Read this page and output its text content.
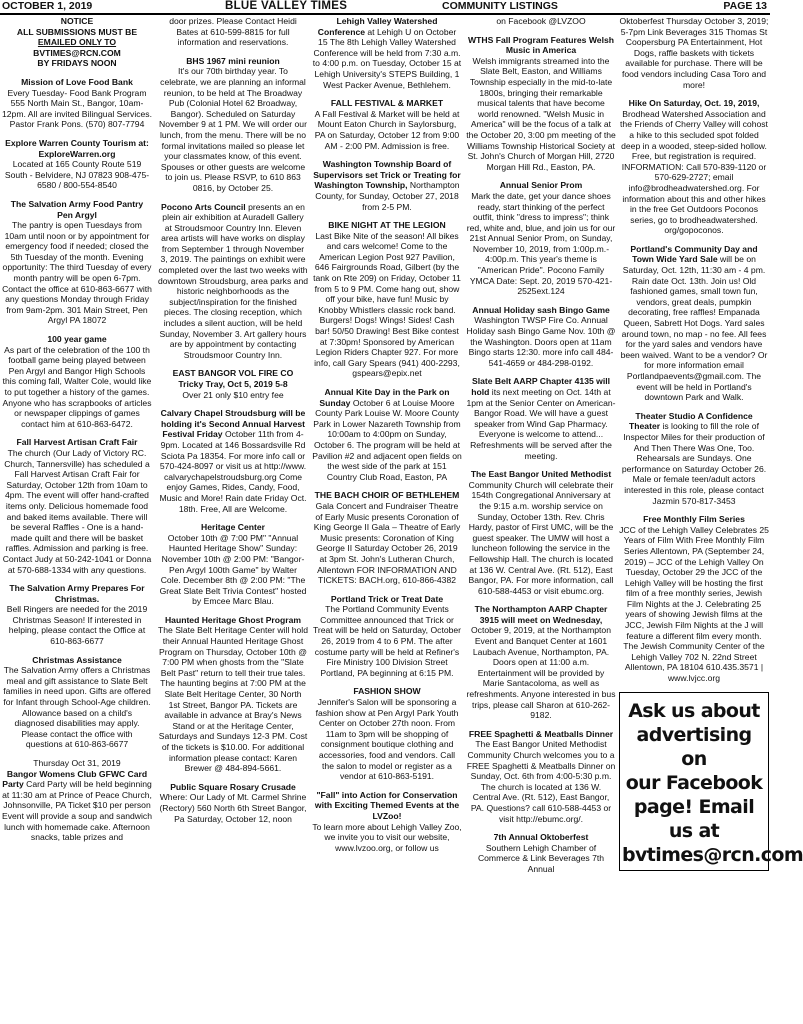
OCTOBER 1, 2019	BLUE VALLEY TIMES	COMMUNITY LISTINGS	PAGE 13

NOTICE

ALL SUBMISSIONS MUST BE

EMAILED ONLY TO

BVTIMES@RCN.COM

BY FRIDAYS NOON

Mission of Love Food Bank

Every Tuesday- Food Bank Program 555 North Main St., Bangor, 10am-12pm. All are invited Bilingual Services. Pastor Frank Pons. (570) 807-7794

Explore Warren County Tourism at: ExploreWarren.org

Located at 165 County Route 519 South - Belvidere, NJ 07823 908-475-6580 / 800-554-8540

The Salvation Army Food Pantry Pen Argyl

The pantry is open Tuesdays from 10am until noon or by appointment for emergency food if needed; closed the 5th Tuesday of the month. Evening opportunity: The third Tuesday of every month pantry will be open 6-7pm. Contact the office at 610-863-6677 with any questions Monday through Friday from 9am-2pm. 301 Main Street, Pen Argyl PA 18072

100 year game

As part of the celebration of the 100 th football game being played between Pen Argyl and Bangor High Schools this coming fall, Walter Cole, would like to put together a history of the games. Anyone who has scrapbooks of articles or newspaper clippings of games contact him at 610-863-6472.

Fall Harvest Artisan Craft Fair

The church (Our Lady of Victory RC. Church, Tannersville) has scheduled a Fall Harvest Artisan Craft Fair for Saturday, October 12th from 10am to 4pm. The event will offer hand-crafted items only. Delicious homemade food and baked items available. There will be several Raffles - One is a hand-made quilt and there will be basket raffles. Admission and parking is free. Contact Judy at 50-242-1041 or Donna at 570-688-1334 with any questions.

The Salvation Army Prepares For Christmas.

Bell Ringers are needed for the 2019 Christmas Season! If interested in helping, please contact the Office at 610-863-6677

Christmas Assistance

The Salvation Army offers a Christmas meal and gift assistance to Slate Belt families in need upon. Gifts are offered for Infant through School-Age children. Allowance based on a child's diagnosed disabilities may apply. Please contact the office with questions at 610-863-6677

Thursday Oct 31, 2019

Bangor Womens Club GFWC Card Party Card Party will be held beginning at 11:30 am at Prince of Peace Church, Johnsonville, PA Ticket $10 per person Event will provide a soup and sandwich lunch with homemade cake. Afternoon snacks, table prizes and

door prizes. Please Contact Heidi Bates at 610-599-8815 for full information and reservations.

BHS 1967 mini reunion

It's our 70th birthday year. To celebrate, we are planning an informal reunion, to be held at The Broadway Pub (Colonial Hotel 62 Broadway, Bangor). Scheduled on Saturday November 9 at 1 PM. We will order our lunch, from the menu. There will be no formal invitations mailed so please let your classmates know, of this event. Spouses or other guests are welcome to join us. Please RSVP, to 610 863 0816, by October 25.

Pocono Arts Council presents an en plein air exhibition at Auradell Gallery at Stroudsmoor Country Inn. Eleven area artists will have works on display from September 1 through November 3, 2019. The paintings on exhibit were completed over the last two weeks with downtown Stroudsburg, area parks and historic neighborhoods as the subject/inspiration for the finished pieces. The closing reception, which includes a silent auction, will be held Sunday, November 3. Art gallery hours are by appointment by contacting Stroudsmoor Country Inn.

EAST BANGOR VOL FIRE CO

Tricky Tray, Oct 5, 2019 5-8

Over 21 only $10 entry fee

Calvary Chapel Stroudsburg will be holding it's Second Annual Harvest Festival Friday October 11th from 4-9pm. Located at 146 Bossardsville Rd Sciota Pa 18354. For more info call or 570-424-8097 or visit us at http://www. calvarychapelstroudsburg.org Come enjoy Games, Rides, Candy, Food, Music and More! Rain date Friday Oct. 18th. Free, All are Welcome.

Heritage Center

October 10th @ 7:00 PM" "Annual Haunted Heritage Show" Sunday: November 10th @ 2:00 PM: "Bangor-Pen Argyl 100th Game" by Walter Cole. December 8th @ 2:00 PM: "The Great Slate Belt Trivia Contest" hosted by Emcee Marc Blau.

Haunted Heritage Ghost Program

The Slate Belt Heritage Center will hold their Annual Haunted Heritage Ghost Program on Thursday, October 10th @ 7:00 PM when ghosts from the "Slate Belt Past" return to tell their true tales. The haunting begins at 7:00 PM at the Slate Belt Heritage Center, 30 North 1st Street, Bangor PA. Tickets are available in advance at Bray's News Stand or at the Heritage Center, Saturdays and Sundays 12-3 PM. Cost of the tickets is $10.00. For additional information please contact: Karen Brewer @ 484-894-5661.

Public Square Rosary Crusade

Where: Our Lady of Mt. Carmel Shrine (Rectory) 560 North 6th Street Bangor, Pa Saturday, October 12, noon

Lehigh Valley Watershed Conference at Lehigh U on October 15 The 8th Lehigh Valley Watershed Conference will be held from 7:30 a.m. to 4:00 p.m. on Tuesday, October 15 at Lehigh University's STEPS Building, 1 West Packer Avenue, Bethlehem.

FALL FESTIVAL & MARKET

A Fall Festival & Market will be held at Mount Eaton Church in Saylorsburg, PA on Saturday, October 12 from 9:00 AM - 2:00 PM. Admission is free.

Washington Township Board of Supervisors set Trick or Treating for Washington Township, Northampton County, for Sunday, October 27, 2018 from 2-5 PM.

BIKE NIGHT AT THE LEGION

Last Bike Nite of the season! All bikes and cars welcome! Come to the American Legion Post 927 Pavilion, 646 Fairgrounds Road, Gilbert (by the tank on Rte 209) on Friday, October 11 from 5 to 9 PM. Come hang out, show off your bike, have fun! Music by Knobby Whistlers classic rock band. Burgers! Dogs! Wings! Sides! Cash bar! 50/50 Drawing! Best Bike contest at 7:30pm! Sponsored by American Legion Riders Chapter 927. For more info, call Gary Spears (941) 400-2293, gspears@epix.net

Annual Kite Day in the Park on Sunday October 6 at Louise Moore County Park Louise W. Moore County Park in Lower Nazareth Township from 10:00am to 4:00pm on Sunday, October 6. The program will be held at Pavilion #2 and adjacent open fields on the west side of the park at 151 Country Club Road, Easton, PA

THE BACH CHOIR OF BETHLEHEM

Gala Concert and Fundraiser Theatre of Early Music presents Coronation of King George II Gala – Theatre of Early Music presents: Coronation of King George II Saturday October 26, 2019 at 3pm St. John's Lutheran Church, Allentown FOR INFORMATION AND TICKETS: BACH.org, 610-866-4382

Portland Trick or Treat Date

The Portland Community Events Committee announced that Trick or Treat will be held on Saturday, October 26, 2019 from 4 to 6 PM. The after costume party will be held at Refiner's Fire Ministry 100 Division Street Portland, PA beginning at 6:15 PM.

FASHION SHOW

Jennifer's Salon will be sponsoring a fashion show at Pen Argyl Park Youth Center on October 27th noon. From 11am to 3pm will be shopping of consignment boutique clothing and accessories, food and vendors. Call the salon to model or register as a vendor at 610-863-5191.

"Fall" into Action for Conservation with Exciting Themed Events at the LVZoo!

To learn more about Lehigh Valley Zoo, we invite you to visit our website, www.lvzoo.org, or follow us

on Facebook @LVZOO

WTHS Fall Program Features Welsh Music in America

Welsh immigrants streamed into the Slate Belt, Easton, and Williams Township especially in the mid-to-late 1800s, bringing their remarkable musical talents that have become world renowned. "Welsh Music in America" will be the focus of a talk at the October 20, 3:00 pm meeting of the Williams Township Historical Society at St. John's Church of Morgan Hill, 2720 Morgan Hill Rd., Easton, PA.

Annual Senior Prom

Mark the date, get your dance shoes ready, start thinking of the perfect outfit, think "dress to impress"; think red, white and, blue, and join us for our 21st Annual Senior Prom, on Sunday, November 10, 2019, from 1:00p.m.- 4:00p.m. This year's theme is "American Pride". Pocono Family YMCA Date: Sept. 20, 2019 570-421-2525ext.124

Annual Holiday sash Bingo Game

Washington TWSP Fire Co. Annual Holiday sash Bingo Game Nov. 10th @ the Washington. Doors open at 11am Bingo starts 12:30. more info call 484-541-4659 or 484-298-0192.

Slate Belt AARP Chapter 4135 will hold its next meeting on Oct. 14th at 1pm at the Senior Center on American-Bangor Road. We will have a guest speaker from Wind Gap Pharmacy. Everyone is welcome to attend... Refreshments will be served after the meeting.

The East Bangor United Methodist

Community Church will celebrate their 154th Congregational Anniversary at the 9:15 a.m. worship service on Sunday, October 13th. Rev. Chris Hardy, pastor of First UMC, will be the guest speaker. The UMW will host a luncheon following the service in the Fellowship Hall. The church is located at 136 W. Central Ave. (Rt. 512), East Bangor, PA. For more information, call 610-588-4453 or visit ebumc.org.

The Northampton AARP Chapter 3915 will meet on Wednesday,

October 9, 2019, at the Northampton Event and Banquet Center at 1601 Laubach Avenue, Northampton, PA. Doors open at 11:00 a.m. Entertainment will be provided by Marie Santacoloma, as well as refreshments. Anyone interested in bus trips, please call Sharon at 610-262-9182.

FREE Spaghetti & Meatballs Dinner

The East Bangor United Methodist Community Church welcomes you to a FREE Spaghetti & Meatballs Dinner on Sunday, Oct. 6th from 4:00-5:30 p.m. The church is located at 136 W. Central Ave. (Rt. 512), East Bangor, PA. Questions? call 610-588-4453 or visit http://ebumc.org/.

7th Annual Oktoberfest

Southern Lehigh Chamber of Commerce & Link Beverages 7th Annual

Oktoberfest Thursday October 3, 2019; 5-7pm Link Beverages 315 Thomas St Coopersburg PA Entertainment, Hot Dogs, raffle baskets with tickets available for purchase. There will be food vendors including Casa Toro and more!

Hike On Saturday, Oct. 19, 2019,

Brodhead Watershed Association and the Friends of Cherry Valley will cohost a hike to this secluded spot folded deep in a wooded, steep-sided hollow. Free, but registration is required. INFORMATION: Call 570-839-1120 or 570-629-2727; email info@brodheadwatershed.org. For information about this and other hikes in the free Get Outdoors Poconos series, go to brodheadwatershed. org/gopoconos.

Portland's Community Day and Town Wide Yard Sale will be on Saturday, Oct. 12th, 11:30 am - 4 pm. Rain date Oct. 13th. Join us! Old fashioned games, small town fun, vendors, great deals, pumpkin decorating, free raffles! Empanada Queen, Sabrett Hot Dogs. Yard sales around town, no map - no fee. All fees for the yard sales and vendors have been waived. Want to be a vendor? Or for more information email Portlandpaevents@gmail.com. The event will be held in Portland's downtown Park and Walk.

Theater Studio A Confidence Theater is looking to fill the role of Inspector Miles for their production of And Then There Was One, Too. Rehearsals are Sundays. One performance on Saturday October 26. Male or female teen/adult actors interested in this role, please contact Jazmin 570-817-3453

Free Monthly Film Series

JCC of the Lehigh Valley Celebrates 25 Years of Film With Free Monthly Film Series Allentown, PA (September 24, 2019) – JCC of the Lehigh Valley On Tuesday, October 29 the JCC of the Lehigh Valley will be hosting the first film of a free monthly series, Jewish Film Nights at the J. Celebrating 25 years of showing Jewish films at the JCC, Jewish Film Nights at the J will feature a different film every month. The Jewish Community Center of the Lehigh Valley 702 N. 22nd Street Allentown, PA 18104 610.435.3571 | www.lvjcc.org

Ask us about
advertising on
our Facebook
page! Email
us at
bvtimes@rcn.com
